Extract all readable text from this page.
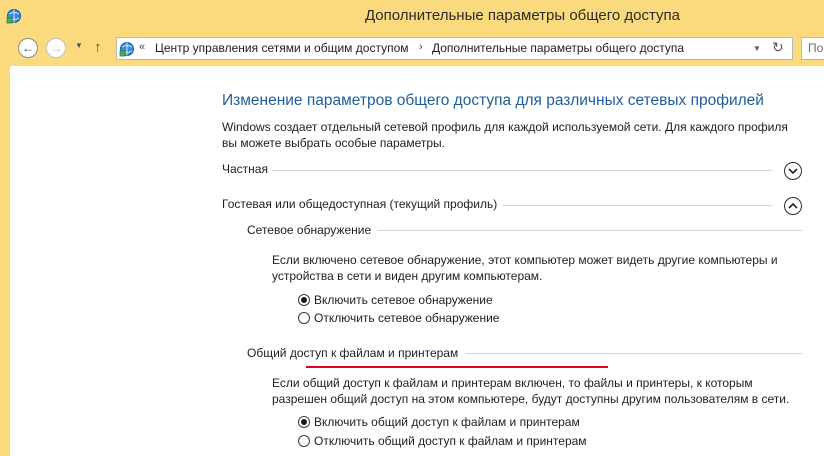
Дополнительные параметры общего доступа
← → ▼ ↑	« Центр управления сетями и общим доступом › Дополнительные параметры общего доступа	▼ ↻	По
Изменение параметров общего доступа для различных сетевых профилей
Windows создает отдельный сетевой профиль для каждой используемой сети. Для каждого профиля вы можете выбрать особые параметры.
Частная
Гостевая или общедоступная (текущий профиль)
Сетевое обнаружение
Если включено сетевое обнаружение, этот компьютер может видеть другие компьютеры и устройства в сети и виден другим компьютерам.
Включить сетевое обнаружение
Отключить сетевое обнаружение
Общий доступ к файлам и принтерам
Если общий доступ к файлам и принтерам включен, то файлы и принтеры, к которым разрешен общий доступ на этом компьютере, будут доступны другим пользователям в сети.
Включить общий доступ к файлам и принтерам
Отключить общий доступ к файлам и принтерам
